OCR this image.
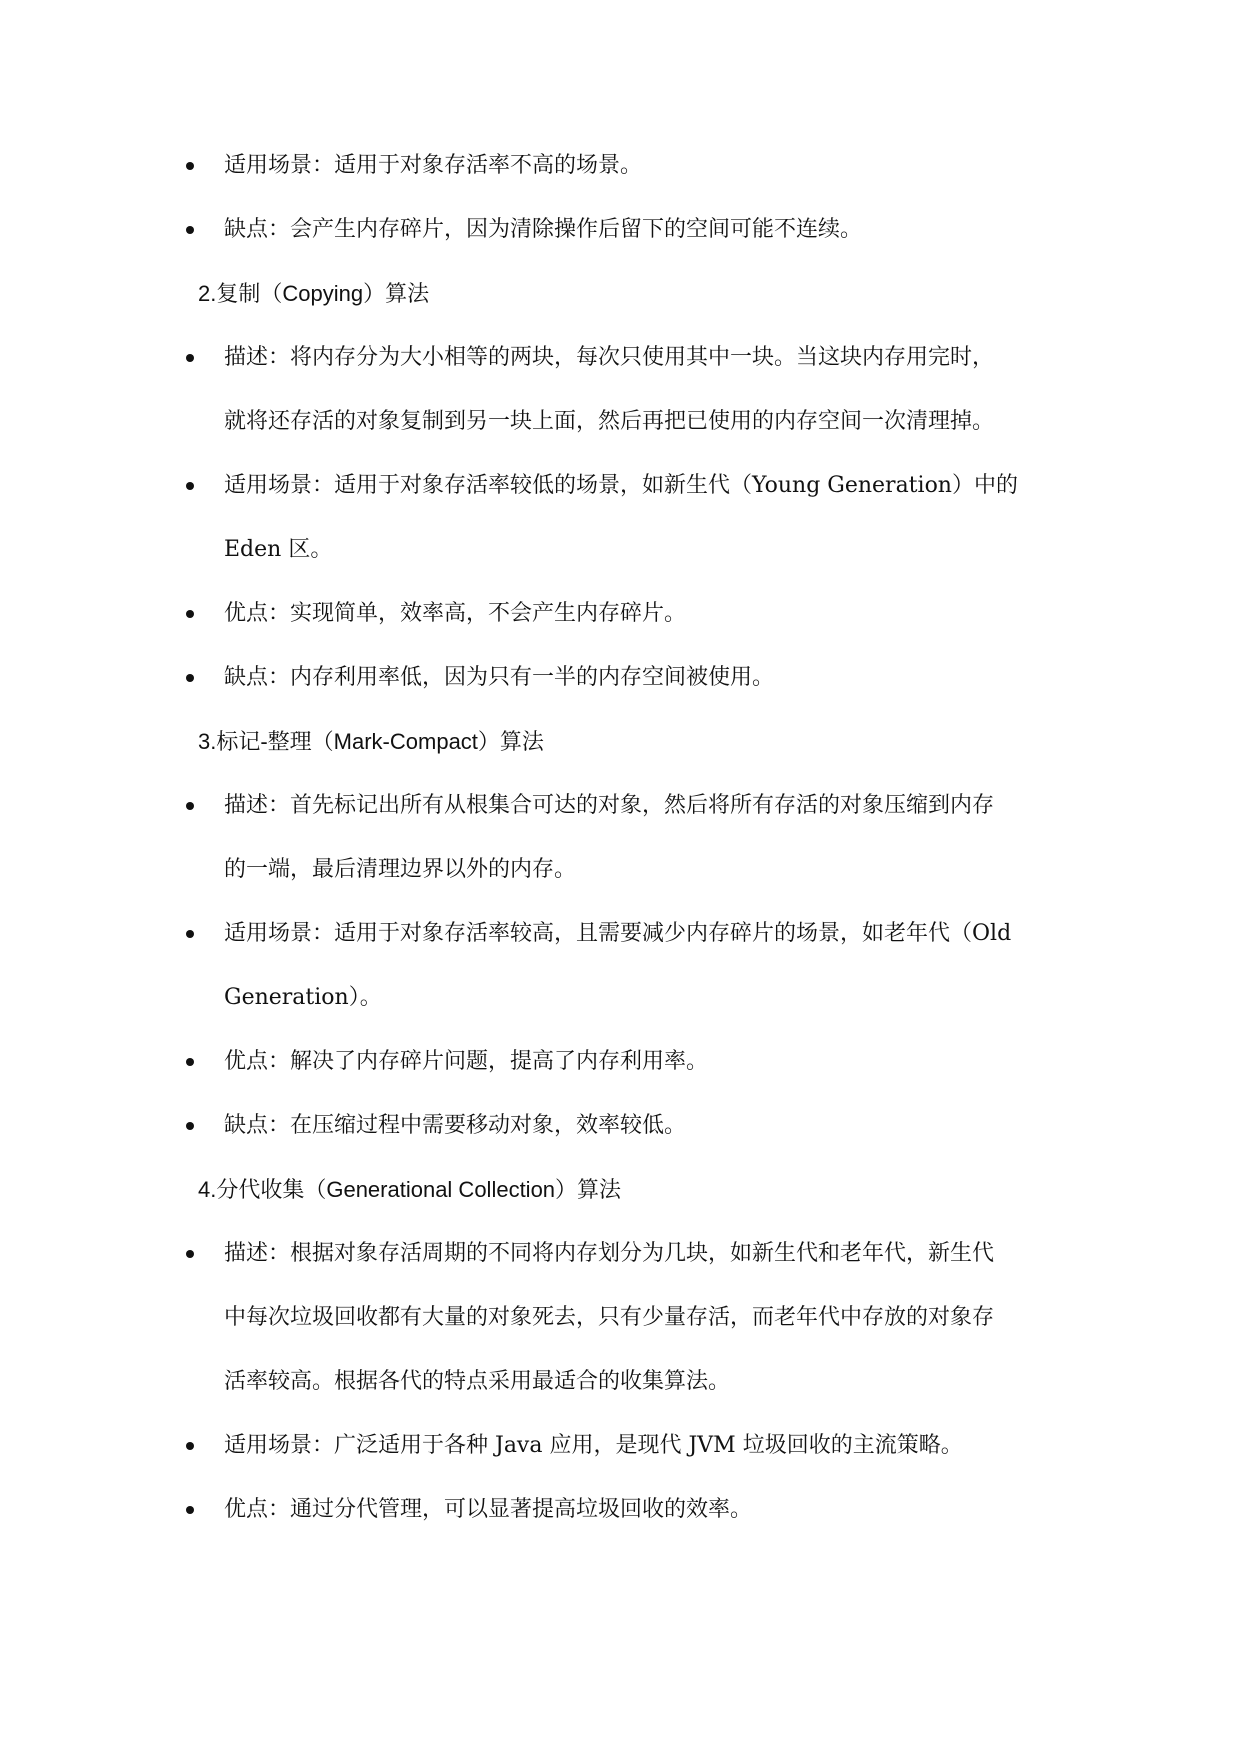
适用场景：适用于对象存活率不高的场景。
缺点：会产生内存碎片，因为清除操作后留下的空间可能不连续。
2.复制（Copying）算法
描述：将内存分为大小相等的两块，每次只使用其中一块。当这块内存用完时，
就将还存活的对象复制到另一块上面，然后再把已使用的内存空间一次清理掉。
适用场景：适用于对象存活率较低的场景，如新生代（Young Generation）中的
Eden 区。
优点：实现简单，效率高，不会产生内存碎片。
缺点：内存利用率低，因为只有一半的内存空间被使用。
3.标记-整理（Mark-Compact）算法
描述：首先标记出所有从根集合可达的对象，然后将所有存活的对象压缩到内存
的一端，最后清理边界以外的内存。
适用场景：适用于对象存活率较高，且需要减少内存碎片的场景，如老年代（Old
Generation）。
优点：解决了内存碎片问题，提高了内存利用率。
缺点：在压缩过程中需要移动对象，效率较低。
4.分代收集（Generational Collection）算法
描述：根据对象存活周期的不同将内存划分为几块，如新生代和老年代，新生代
中每次垃圾回收都有大量的对象死去，只有少量存活，而老年代中存放的对象存
活率较高。根据各代的特点采用最适合的收集算法。
适用场景：广泛适用于各种 Java 应用，是现代 JVM 垃圾回收的主流策略。
优点：通过分代管理，可以显著提高垃圾回收的效率。
